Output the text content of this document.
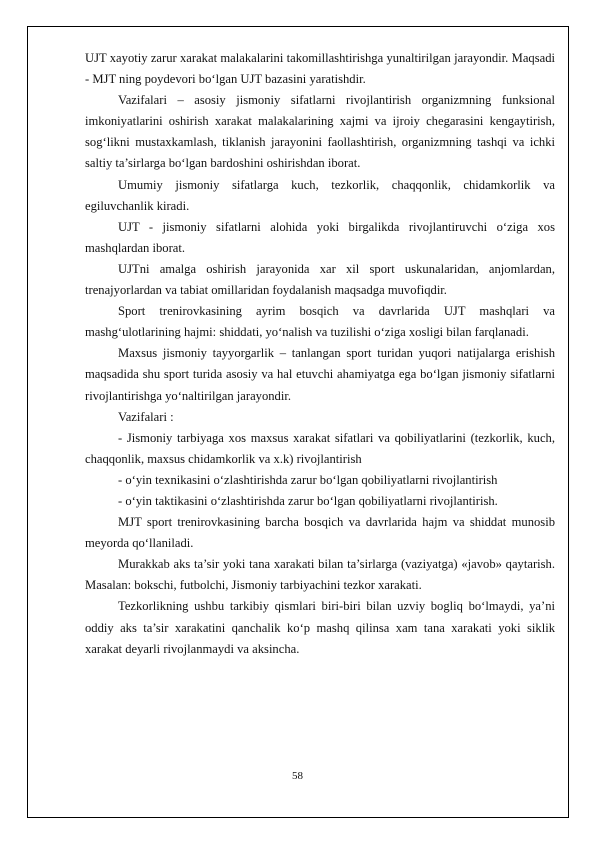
UJT xayotiy zarur xarakat malakalarini takomillashtirishga yunaltirilgan jarayondir. Maqsadi - MJT ning poydevori bo‘lgan UJT bazasini yaratishdir.

Vazifalari – asosiy jismoniy sifatlarni rivojlantirish organizmning funksional imkoniyatlarini oshirish xarakat malakalarining xajmi va ijroiy chegarasini kengaytirish, sog‘likni mustaxkamlash, tiklanish jarayonini faollashtirish, organizmning tashqi va ichki saltiy ta’sirlarga bo‘lgan bardoshini oshirishdan iborat.

Umumiy jismoniy sifatlarga kuch, tezkorlik, chaqqonlik, chidamkorlik va egiluvchanlik kiradi.

UJT - jismoniy sifatlarni alohida yoki birgalikda rivojlantiruvchi o‘ziga xos mashqlardan iborat.

UJTni amalga oshirish jarayonida xar xil sport uskunalaridan, anjomlardan, trenajyorlardan va tabiat omillaridan foydalanish maqsadga muvofiqdir.

Sport trenirovkasining ayrim bosqich va davrlarida UJT mashqlari va mashg‘ulotlarining hajmi: shiddati, yo‘nalish va tuzilishi o‘ziga xosligi bilan farqlanadi.

Maxsus jismoniy tayyorgarlik – tanlangan sport turidan yuqori natijalarga erishish maqsadida shu sport turida asosiy va hal etuvchi ahamiyatga ega bo‘lgan jismoniy sifatlarni rivojlantirishga yo‘naltirilgan jarayondir.

Vazifalari :

- Jismoniy tarbiyaga xos maxsus xarakat sifatlari va qobiliyatlarini (tezkorlik, kuch, chaqqonlik, maxsus chidamkorlik va x.k) rivojlantirish

- o‘yin texnikasini o‘zlashtirishda zarur bo‘lgan qobiliyatlarni rivojlantirish

- o‘yin taktikasini o‘zlashtirishda zarur bo‘lgan qobiliyatlarni rivojlantirish.

MJT sport trenirovkasining barcha bosqich va davrlarida hajm va shiddat munosib meyorda qo‘llaniladi.

Murakkab aks ta’sir yoki tana xarakati bilan ta’sirlarga (vaziyatga) «javob» qaytarish. Masalan: bokschi, futbolchi, Jismoniy tarbiyachini tezkor xarakati.

Tezkorlikning ushbu tarkibiy qismlari biri-biri bilan uzviy bogliq bo‘lmaydi, ya’ni oddiy aks ta’sir xarakatini qanchalik ko‘p mashq qilinsa xam tana xarakati yoki siklik xarakat deyarli rivojlanmaydi va aksincha.

58
